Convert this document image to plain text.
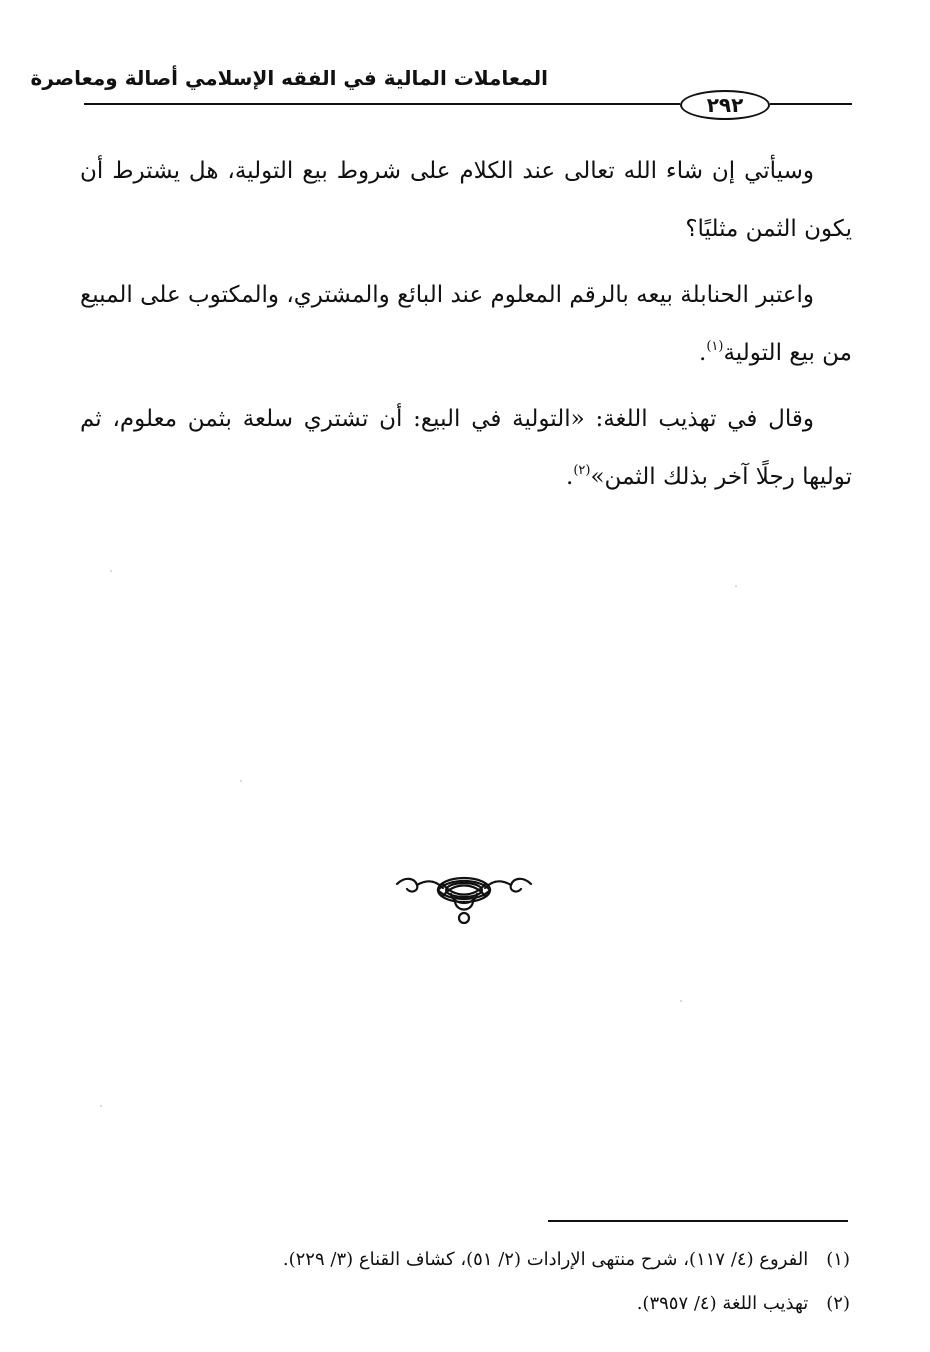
المعاملات المالية في الفقه الإسلامي أصالة ومعاصرة
٢٩٢

وسيأتي إن شاء الله تعالى عند الكلام على شروط بيع التولية، هل يشترط أن يكون الثمن مثليًا؟

واعتبر الحنابلة بيعه بالرقم المعلوم عند البائع والمشتري، والمكتوب على المبيع من بيع التولية$^{(١)}$.

وقال في تهذيب اللغة: «التولية في البيع: أن تشتري سلعة بثمن معلوم، ثم توليها رجلًا آخر بذلك الثمن»$^{(٢)}$.

(١)الفروع (٤/ ١١٧)، شرح منتهى الإرادات (٢/ ٥١)، كشاف القناع (٣/ ٢٢٩).
(٢)تهذيب اللغة (٤/ ٣٩٥٧).
